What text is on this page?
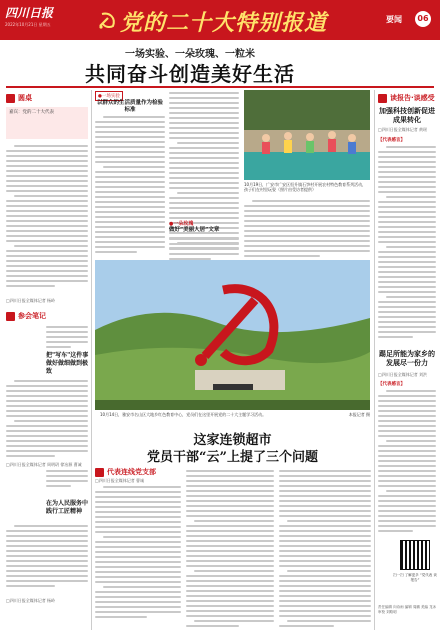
四川日报
2022年10月21日 星期五	党的二十大特别报道	要闻	06
一场实验、一朵玫瑰、一粒米
共同奋斗创造美好生活
圆桌
嘉宾：党的二十大代表
□四川日报全媒体记者 杨岭
参会笔记
把"写车"这件事做好做细做到极致
□四川日报全媒体记者 周明玥 徐冶源 曹诚
在为人民服务中践行工匠精神
□四川日报全媒体记者 杨岭
●一场实验
以群众的生活质量作为检验标准
10月19日，广安市广安区恒升镇石笋村开展农村特色教育系列活动，孩子们在村里玩耍（照片由受访者提供）
●一朵玫瑰
做好“美丽人居”文章
10月14日，雅安市名山区大地乡红色教育中心，党员们在这里开展党的二十大主题学习活动。	本报记者 摄
这家连锁超市
党员干部“云”上提了三个问题
代表连线党支部
□四川日报全媒体记者 曹诚
读报告·谈感受
加强科技创新促进成果转化
□四川日报全媒体记者 黄瑶
【代表感言】
踢足所能为家乡的发展尽一份力
□四川日报全媒体记者 刘洪
【代表感言】
扫一扫 了解更多 “党代表 谈报告”
责任编辑 向诗雨 编辑 周鹏 美编 龙冰 审校 刘路明
